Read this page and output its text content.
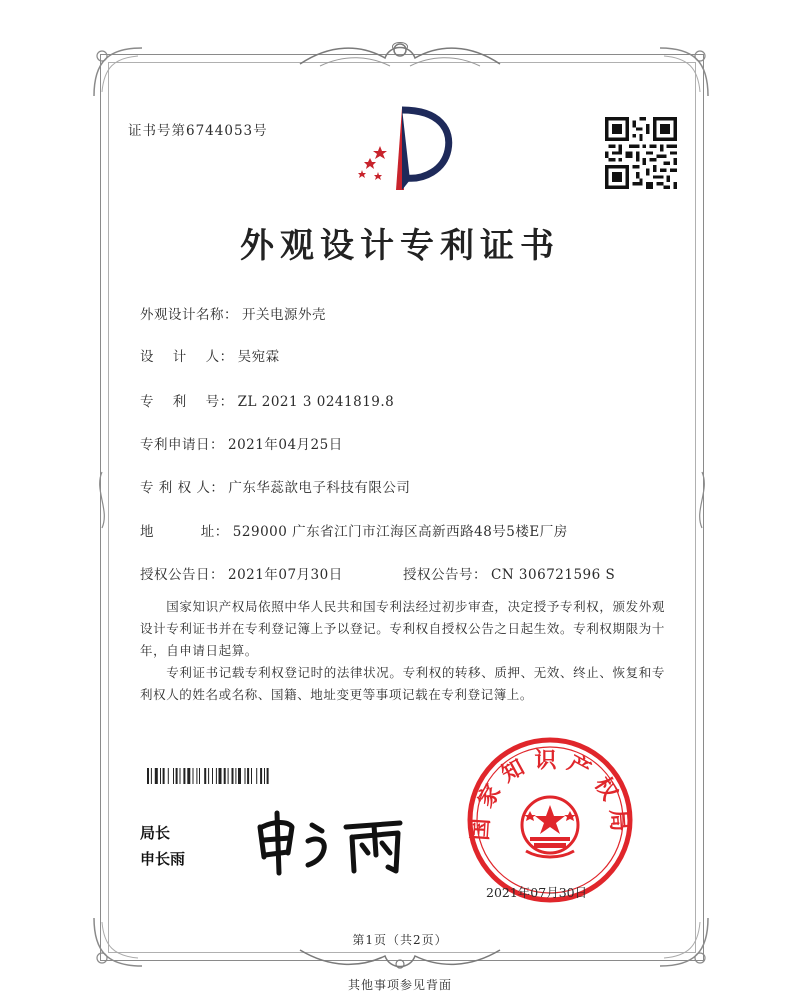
证书号第6744053号
外观设计专利证书
外观设计名称： 开关电源外壳
设　 计 　人： 吴宛霖
专 　利 　号： ZL 2021 3 0241819.8
专利申请日： 2021年04月25日
专 利 权 人： 广东华蕊歆电子科技有限公司
地　　　 址： 529000 广东省江门市江海区高新西路48号5楼E厂房
授权公告日： 2021年07月30日	授权公告号： CN 306721596 S
　　国家知识产权局依照中华人民共和国专利法经过初步审查，决定授予专利权，颁发外观设计专利证书并在专利登记簿上予以登记。专利权自授权公告之日起生效。专利权期限为十年，自申请日起算。
　　专利证书记载专利权登记时的法律状况。专利权的转移、质押、无效、终止、恢复和专利权人的姓名或名称、国籍、地址变更等事项记载在专利登记簿上。
局长
申长雨
国家知识产权局
2021年07月30日
第1页（共2页）
其他事项参见背面
